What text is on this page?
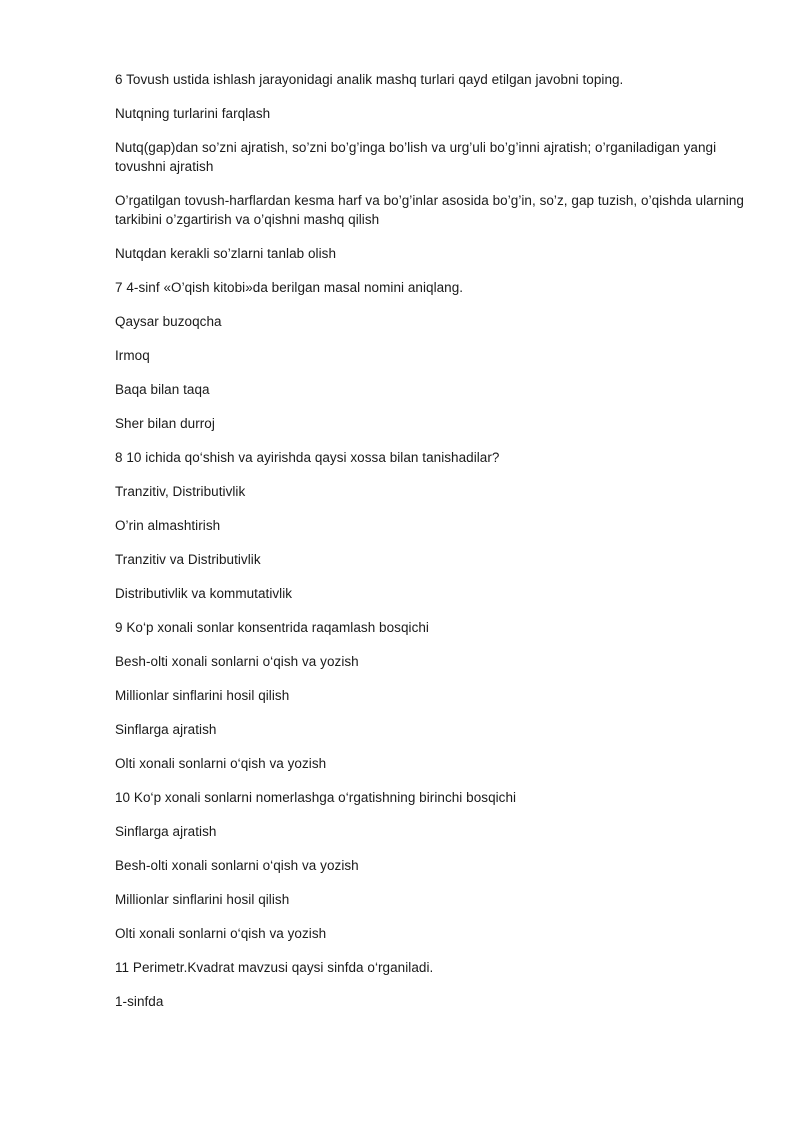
6 Tovush ustida ishlash jarayonidagi analik mashq turlari qayd etilgan javobni toping.

Nutqning turlarini farqlash

Nutq(gap)dan so’zni ajratish, so’zni bo’g’inga bo’lish va urg’uli bo’g’inni ajratish; o’rganiladigan yangi tovushni ajratish

O’rgatilgan tovush-harflardan kesma harf va bo’g’inlar asosida bo’g’in, so’z, gap tuzish, o’qishda ularning tarkibini o’zgartirish va o’qishni mashq qilish

Nutqdan kerakli so’zlarni tanlab olish

7 4-sinf «O’qish kitobi»da berilgan masal nomini aniqlang.

Qaysar buzoqcha

Irmoq

Baqa bilan taqa

Sher bilan durroj

8 10 ichida qo‘shish va ayirishda qaysi xossa bilan tanishadilar?

Tranzitiv, Distributivlik

O’rin almashtirish

Tranzitiv va Distributivlik

Distributivlik va kommutativlik

9 Ko‘p xonali sonlar konsentrida raqamlash bosqichi

Besh-olti xonali sonlarni o‘qish va yozish

Millionlar sinflarini hosil qilish

Sinflarga ajratish

Olti xonali sonlarni o‘qish va yozish

10 Ko‘p xonali sonlarni nomerlashga o‘rgatishning birinchi bosqichi

Sinflarga ajratish

Besh-olti xonali sonlarni o‘qish va yozish

Millionlar sinflarini hosil qilish

Olti xonali sonlarni o‘qish va yozish

11 Perimetr.Kvadrat mavzusi qaysi sinfda o‘rganiladi.

1-sinfda
